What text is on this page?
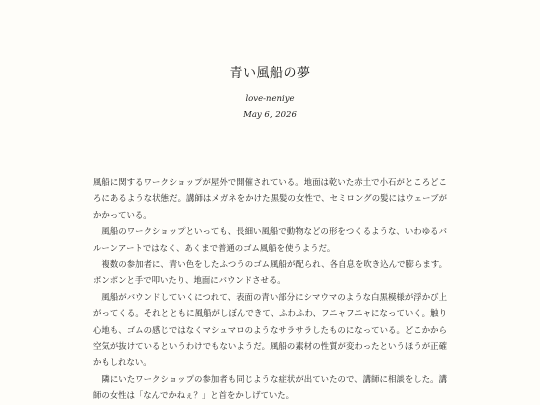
青い風船の夢
love-neniye
May 6, 2026

風船に関するワークショップが屋外で開催されている。地面は乾いた赤土で小石がところどころにあるような状態だ。講師はメガネをかけた黒髪の女性で、セミロングの髪にはウェーブがかかっている。

風船のワークショップといっても、長細い風船で動物などの形をつくるような、いわゆるバルーンアートではなく、あくまで普通のゴム風船を使うようだ。

複数の参加者に、青い色をしたふつうのゴム風船が配られ、各自息を吹き込んで膨らます。ポンポンと手で叩いたり、地面にバウンドさせる。

風船がバウンドしていくにつれて、表面の青い部分にシマウマのような白黒模様が浮かび上がってくる。それとともに風船がしぼんできて、ふわふわ、フニャフニャになっていく。触り心地も、ゴムの感じではなくマシュマロのようなサラサラしたものになっている。どこかから空気が抜けているというわけでもないようだ。風船の素材の性質が変わったというほうが正確かもしれない。

隣にいたワークショップの参加者も同じような症状が出ていたので、講師に相談をした。講師の女性は「なんでかねぇ？」と首をかしげていた。
